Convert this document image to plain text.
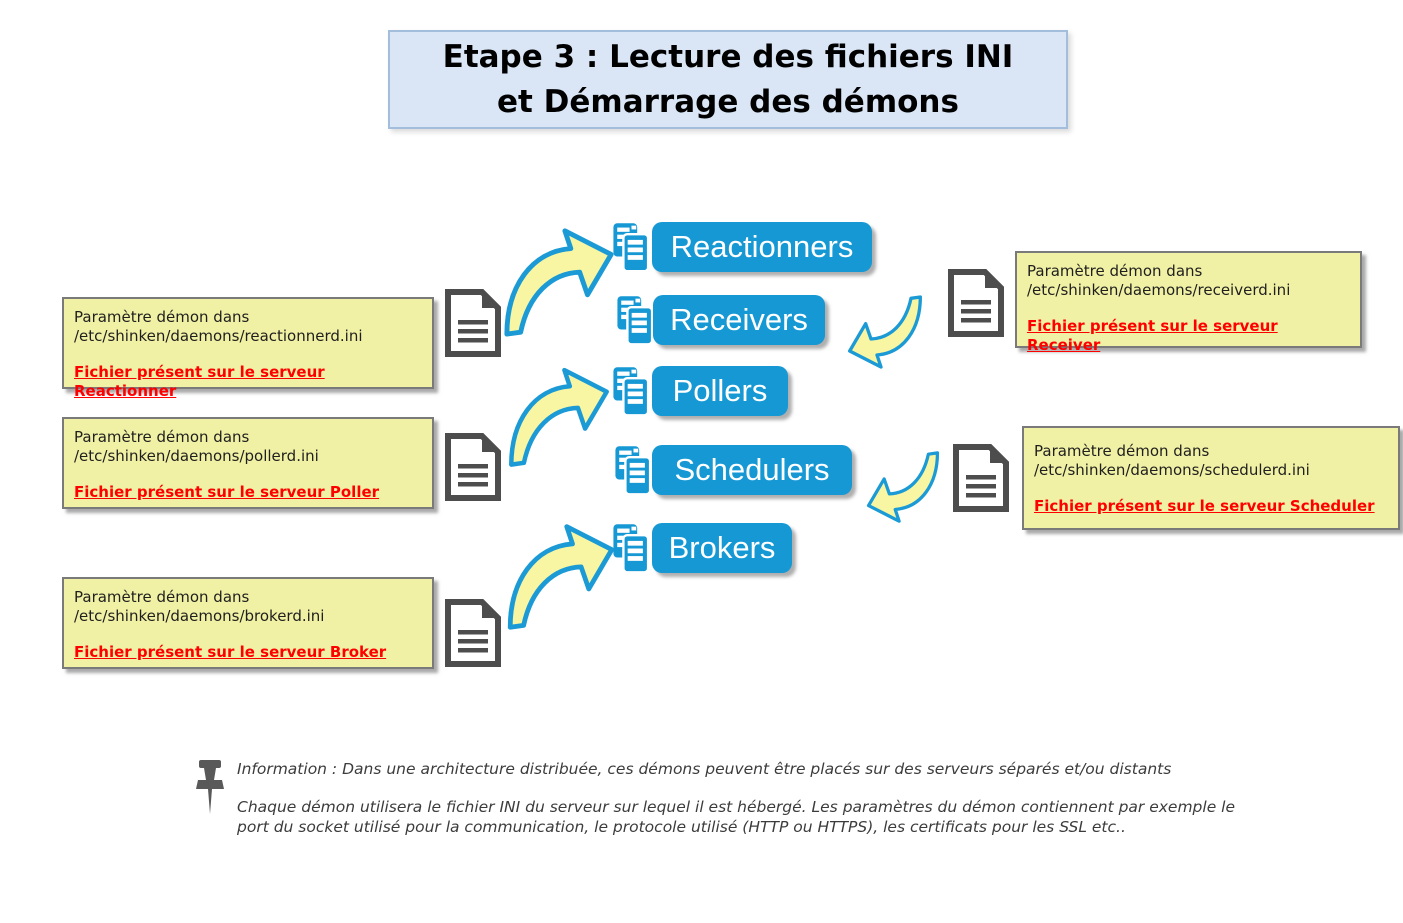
Etape 3 : Lecture des fichiers INI
et Démarrage des démons
Reactionners
Receivers
Pollers
Schedulers
Brokers
Paramètre démon dans
/etc/shinken/daemons/reactionnerd.ini
Fichier présent sur le serveur Reactionner
Paramètre démon dans
/etc/shinken/daemons/pollerd.ini
Fichier présent sur le serveur Poller
Paramètre démon dans
/etc/shinken/daemons/brokerd.ini
Fichier présent sur le serveur Broker
Paramètre démon dans
/etc/shinken/daemons/receiverd.ini
Fichier présent sur le serveur Receiver
Paramètre démon dans
/etc/shinken/daemons/schedulerd.ini
Fichier présent sur le serveur Scheduler
Information : Dans une architecture distribuée, ces démons peuvent être placés sur des serveurs séparés et/ou distants
Chaque démon utilisera le fichier INI du serveur sur lequel il est hébergé. Les paramètres du démon contiennent par exemple le port du socket utilisé pour la communication, le protocole utilisé (HTTP ou HTTPS), les certificats pour les SSL etc..
